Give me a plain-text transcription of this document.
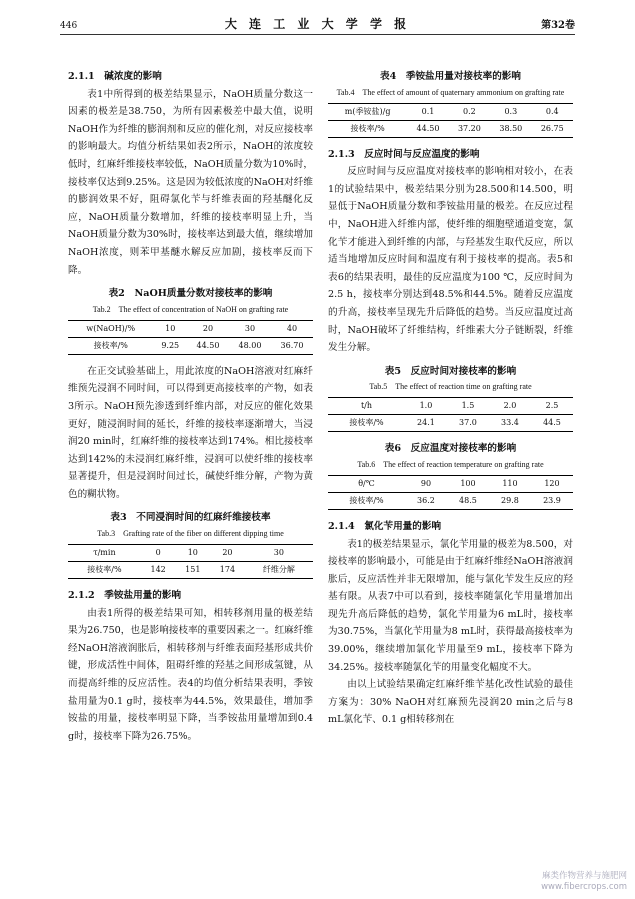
446	大 连 工 业 大 学 学 报	第32卷
2.1.1　碱浓度的影响

表1中所得到的极差结果显示，NaOH质量分数这一因素的极差是38.750，为所有因素极差中最大值，说明NaOH作为纤维的膨润剂和反应的催化剂，对反应接枝率的影响最大。均值分析结果如表2所示，NaOH的浓度较低时，红麻纤维接枝率较低，NaOH质量分数为10%时，接枝率仅达到9.25%。这是因为较低浓度的NaOH对纤维的膨润效果不好，阻碍氯化苄与纤维表面的羟基醚化反应，NaOH质量分数增加，纤维的接枝率明显上升，当NaOH质量分数为30%时，接枝率达到最大值，继续增加NaOH浓度，则苯甲基醚水解反应加剧，接枝率反而下降。

表2　NaOH质量分数对接枝率的影响
Tab.2　The effect of concentration of NaOH on grafting rate
w(NaOH)/%	10	20	30	40
接枝率/%	9.25	44.50	48.00	36.70

在正交试验基础上，用此浓度的NaOH溶液对红麻纤维预先浸润不同时间，可以得到更高接枝率的产物，如表3所示。NaOH预先渗透到纤维内部，对反应的催化效果更好，随浸润时间的延长，纤维的接枝率逐渐增大，当浸润20 min时，红麻纤维的接枝率达到174%。相比接枝率达到142%的未浸润红麻纤维，浸润可以使纤维的接枝率显著提升，但是浸润时间过长，碱使纤维分解，产物为黄色的糊状物。

表3　不同浸润时间的红麻纤维接枝率
Tab.3　Grafting rate of the fiber on different dipping time
τ/min	0	10	20	30
接枝率/%	142	151	174	纤维分解
2.1.2　季铵盐用量的影响

由表1所得的极差结果可知，相转移剂用量的极差结果为26.750，也是影响接枝率的重要因素之一。红麻纤维经NaOH溶液润胀后，相转移剂与纤维表面羟基形成共价键，形成活性中间体，阻碍纤维的羟基之间形成氢键，从而提高纤维的反应活性。表4的均值分析结果表明，季铵盐用量为0.1 g时，接枝率为44.5%，效果最佳，增加季铵盐的用量，接枝率明显下降，当季铵盐用量增加到0.4 g时，接枝率下降为26.75%。

表4　季铵盐用量对接枝率的影响
Tab.4　The effect of amount of quaternary ammonium on grafting rate
m(季铵盐)/g	0.1	0.2	0.3	0.4
接枝率/%	44.50	37.20	38.50	26.75
2.1.3　反应时间与反应温度的影响

反应时间与反应温度对接枝率的影响相对较小，在表1的试验结果中，极差结果分别为28.500和14.500，明显低于NaOH质量分数和季铵盐用量的极差。在反应过程中，NaOH进入纤维内部，使纤维的细胞壁通道变宽，氯化苄才能进入到纤维的内部，与羟基发生取代反应，所以适当地增加反应时间和温度有利于接枝率的提高。表5和表6的结果表明，最佳的反应温度为100 ℃，反应时间为2.5 h，接枝率分别达到48.5%和44.5%。随着反应温度的升高，接枝率呈现先升后降低的趋势。当反应温度过高时，NaOH破坏了纤维结构，纤维素大分子链断裂，纤维发生分解。

表5　反应时间对接枝率的影响
Tab.5　The effect of reaction time on grafting rate
t/h	1.0	1.5	2.0	2.5
接枝率/%	24.1	37.0	33.4	44.5
表6　反应温度对接枝率的影响
Tab.6　The effect of reaction temperature on grafting rate
θ/℃	90	100	110	120
接枝率/%	36.2	48.5	29.8	23.9
2.1.4　氯化苄用量的影响

表1的极差结果显示，氯化苄用量的极差为8.500，对接枝率的影响最小，可能是由于红麻纤维经NaOH溶液润胀后，反应活性并非无限增加，能与氯化苄发生反应的羟基有限。从表7中可以看到，接枝率随氯化苄用量增加出现先升高后降低的趋势，氯化苄用量为6 mL时，接枝率为30.75%，当氯化苄用量为8 mL时，获得最高接枝率为39.00%，继续增加氯化苄用量至9 mL，接枝率下降为34.25%。接枝率随氯化苄的用量变化幅度不大。

由以上试验结果确定红麻纤维苄基化改性试验的最佳方案为：30% NaOH对红麻预先浸润20 min之后与8 mL氯化苄、0.1 g相转移剂在

麻类作物营养与施肥网
www.fibercrops.com
